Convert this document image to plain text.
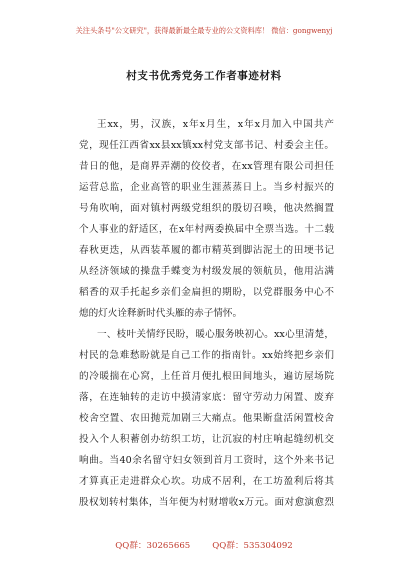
关注头条号"公文研究"，获得最新最全最专业的公文资料库！ 微信：gongwenyj
村支书优秀党务工作者事迹材料
王xx，男，汉族，x年x月生，x年x月加入中国共产
党，现任江西省xx县xx镇xx村党支部书记、村委会主任。
昔日的他，是商界弄潮的佼佼者，在xx管理有限公司担任
运营总监，企业高管的职业生涯蒸蒸日上。当乡村振兴的
号角吹响，面对镇村两级党组织的殷切召唤，他决然搁置
个人事业的舒适区，在x年村两委换届中全票当选。十二载
春秋更迭，从西装革履的都市精英到脚沾泥土的田埂书记
从经济领域的操盘手蝶变为村级发展的领航员，他用沾满
稻香的双手托起乡亲们金扁担的期盼，以党群服务中心不
熄的灯火诠释新时代头雁的赤子情怀。
一、枝叶关情纾民盼，暖心服务映初心。xx心里清楚，
村民的急难愁盼就是自己工作的指南针。xx始终把乡亲们
的冷暖揣在心窝，上任首月便扎根田间地头，遍访屋场院
落，在连轴转的走访中摸清家底：留守劳动力闲置、废弃
校舍空置、农田抛荒加剧三大痛点。他果断盘活闲置校舍
投入个人积蓄创办纺织工坊，让沉寂的村庄响起缝纫机交
响曲。当40余名留守妇女领到首月工资时，这个外来书记
才算真正走进群众心坎。功成不居利，在工坊盈利后将其
股权划转村集体，当年便为村财增收x万元。面对愈演愈烈
QQ群：30265665	QQ群：535304092
